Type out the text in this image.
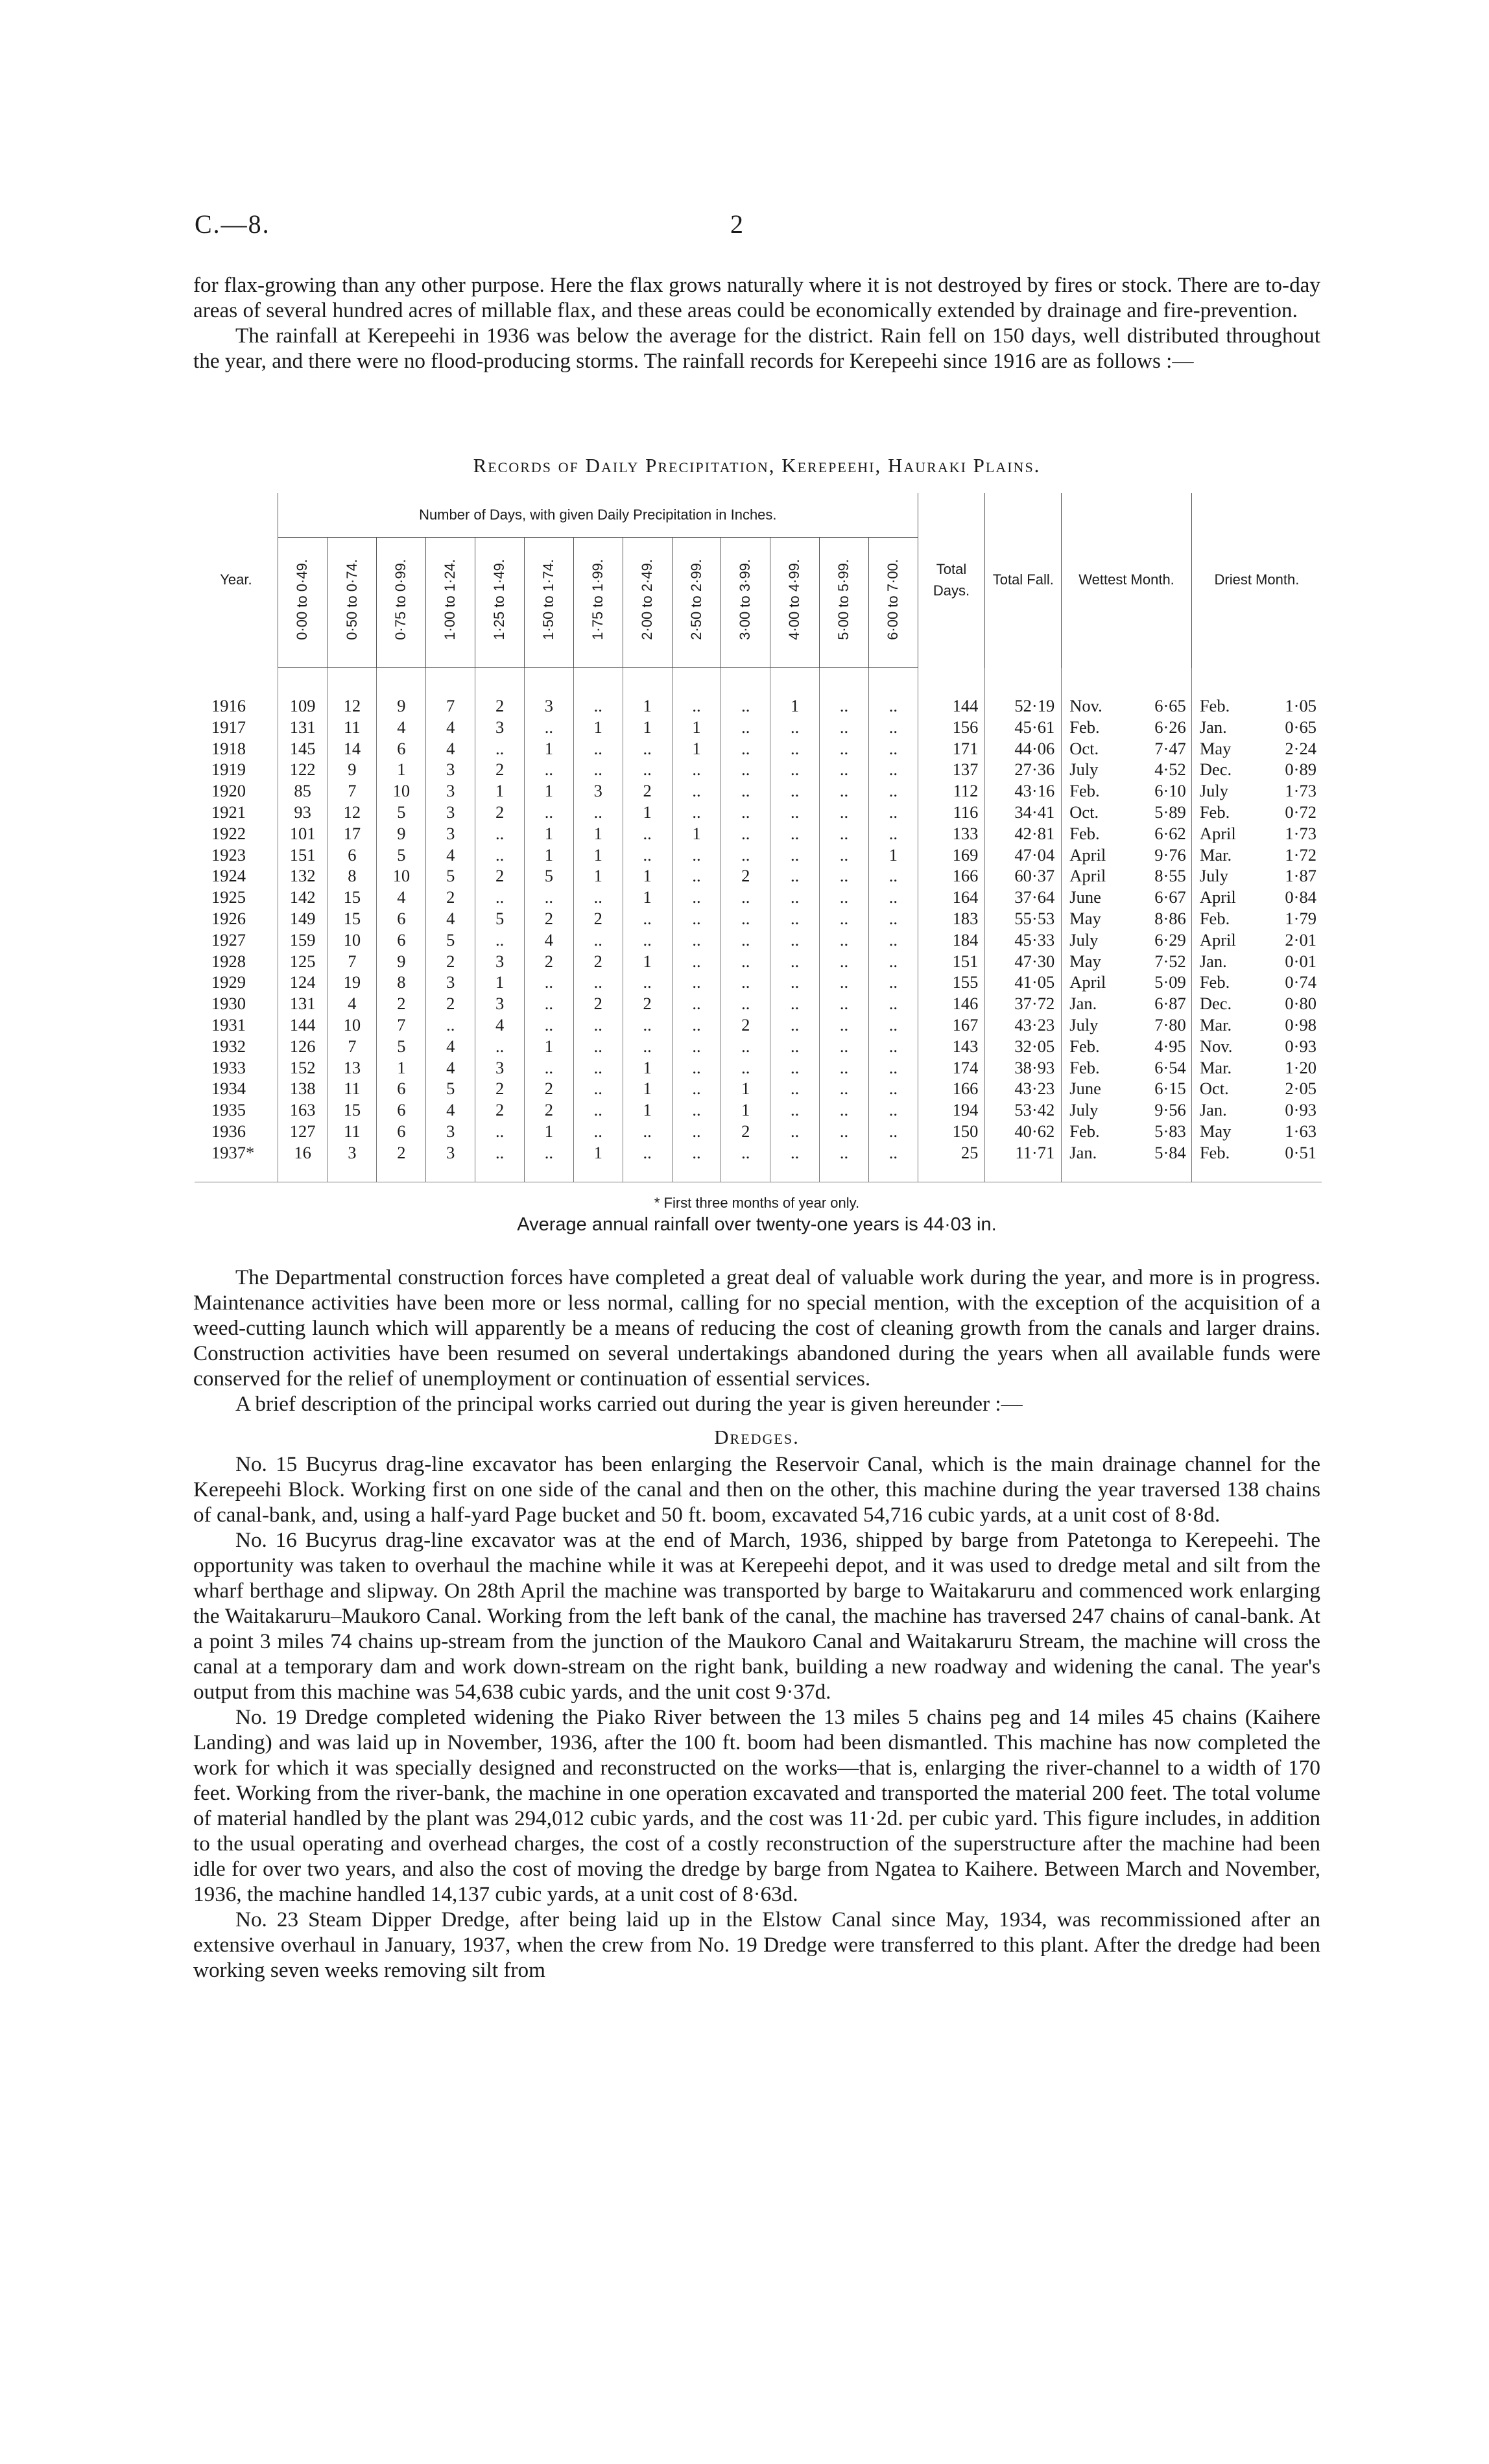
C.—8.	2

for flax-growing than any other purpose. Here the flax grows naturally where it is not destroyed by fires or stock. There are to-day areas of several hundred acres of millable flax, and these areas could be economically extended by drainage and fire-prevention.

The rainfall at Kerepeehi in 1936 was below the average for the district. Rain fell on 150 days, well distributed throughout the year, and there were no flood-producing storms. The rainfall records for Kerepeehi since 1916 are as follows :—

Records of Daily Precipitation, Kerepeehi, Hauraki Plains.
Year.	Number of Days, with given Daily Precipitation in Inches.													Total Days.	Total Fall.	Wettest Month.		Driest Month.	
	0·00 to 0·49.	0·50 to 0·74.	0·75 to 0·99.	1·00 to 1·24.	1·25 to 1·49.	1·50 to 1·74.	1·75 to 1·99.	2·00 to 2·49.	2·50 to 2·99.	3·00 to 3·99.	4·00 to 4·99.	5·00 to 5·99.	6·00 to 7·00.						
1916	109	12	9	7	2	3	..	1	..	..	1	..	..	144	52·19	Nov.	6·65	Feb.	1·05
1917	131	11	4	4	3	..	1	1	1	..	..	..	..	156	45·61	Feb.	6·26	Jan.	0·65
1918	145	14	6	4	..	1	..	..	1	..	..	..	..	171	44·06	Oct.	7·47	May	2·24
1919	122	9	1	3	2	..	..	..	..	..	..	..	..	137	27·36	July	4·52	Dec.	0·89
1920	85	7	10	3	1	1	3	2	..	..	..	..	..	112	43·16	Feb.	6·10	July	1·73
1921	93	12	5	3	2	..	..	1	..	..	..	..	..	116	34·41	Oct.	5·89	Feb.	0·72
1922	101	17	9	3	..	1	1	..	1	..	..	..	..	133	42·81	Feb.	6·62	April	1·73
1923	151	6	5	4	..	1	1	..	..	..	..	..	1	169	47·04	April	9·76	Mar.	1·72
1924	132	8	10	5	2	5	1	1	..	2	..	..	..	166	60·37	April	8·55	July	1·87
1925	142	15	4	2	..	..	..	1	..	..	..	..	..	164	37·64	June	6·67	April	0·84
1926	149	15	6	4	5	2	2	..	..	..	..	..	..	183	55·53	May	8·86	Feb.	1·79
1927	159	10	6	5	..	4	..	..	..	..	..	..	..	184	45·33	July	6·29	April	2·01
1928	125	7	9	2	3	2	2	1	..	..	..	..	..	151	47·30	May	7·52	Jan.	0·01
1929	124	19	8	3	1	..	..	..	..	..	..	..	..	155	41·05	April	5·09	Feb.	0·74
1930	131	4	2	2	3	..	2	2	..	..	..	..	..	146	37·72	Jan.	6·87	Dec.	0·80
1931	144	10	7	..	4	..	..	..	..	2	..	..	..	167	43·23	July	7·80	Mar.	0·98
1932	126	7	5	4	..	1	..	..	..	..	..	..	..	143	32·05	Feb.	4·95	Nov.	0·93
1933	152	13	1	4	3	..	..	1	..	..	..	..	..	174	38·93	Feb.	6·54	Mar.	1·20
1934	138	11	6	5	2	2	..	1	..	1	..	..	..	166	43·23	June	6·15	Oct.	2·05
1935	163	15	6	4	2	2	..	1	..	1	..	..	..	194	53·42	July	9·56	Jan.	0·93
1936	127	11	6	3	..	1	..	..	..	2	..	..	..	150	40·62	Feb.	5·83	May	1·63
1937*	16	3	2	3	..	..	1	..	..	..	..	..	..	25	11·71	Jan.	5·84	Feb.	0·51
* First three months of year only.
Average annual rainfall over twenty-one years is 44·03 in.

The Departmental construction forces have completed a great deal of valuable work during the year, and more is in progress. Maintenance activities have been more or less normal, calling for no special mention, with the exception of the acquisition of a weed-cutting launch which will apparently be a means of reducing the cost of cleaning growth from the canals and larger drains. Construction activities have been resumed on several undertakings abandoned during the years when all available funds were conserved for the relief of unemployment or continuation of essential services.

A brief description of the principal works carried out during the year is given hereunder :—

Dredges.

No. 15 Bucyrus drag-line excavator has been enlarging the Reservoir Canal, which is the main drainage channel for the Kerepeehi Block. Working first on one side of the canal and then on the other, this machine during the year traversed 138 chains of canal-bank, and, using a half-yard Page bucket and 50 ft. boom, excavated 54,716 cubic yards, at a unit cost of 8·8d.

No. 16 Bucyrus drag-line excavator was at the end of March, 1936, shipped by barge from Patetonga to Kerepeehi. The opportunity was taken to overhaul the machine while it was at Kerepeehi depot, and it was used to dredge metal and silt from the wharf berthage and slipway. On 28th April the machine was transported by barge to Waitakaruru and commenced work enlarging the Waitakaruru–Maukoro Canal. Working from the left bank of the canal, the machine has traversed 247 chains of canal-bank. At a point 3 miles 74 chains up-stream from the junction of the Maukoro Canal and Waitakaruru Stream, the machine will cross the canal at a temporary dam and work down-stream on the right bank, building a new roadway and widening the canal. The year's output from this machine was 54,638 cubic yards, and the unit cost 9·37d.

No. 19 Dredge completed widening the Piako River between the 13 miles 5 chains peg and 14 miles 45 chains (Kaihere Landing) and was laid up in November, 1936, after the 100 ft. boom had been dismantled. This machine has now completed the work for which it was specially designed and reconstructed on the works—that is, enlarging the river-channel to a width of 170 feet. Working from the river-bank, the machine in one operation excavated and transported the material 200 feet. The total volume of material handled by the plant was 294,012 cubic yards, and the cost was 11·2d. per cubic yard. This figure includes, in addition to the usual operating and overhead charges, the cost of a costly reconstruction of the superstructure after the machine had been idle for over two years, and also the cost of moving the dredge by barge from Ngatea to Kaihere. Between March and November, 1936, the machine handled 14,137 cubic yards, at a unit cost of 8·63d.

No. 23 Steam Dipper Dredge, after being laid up in the Elstow Canal since May, 1934, was recommissioned after an extensive overhaul in January, 1937, when the crew from No. 19 Dredge were transferred to this plant. After the dredge had been working seven weeks removing silt from
